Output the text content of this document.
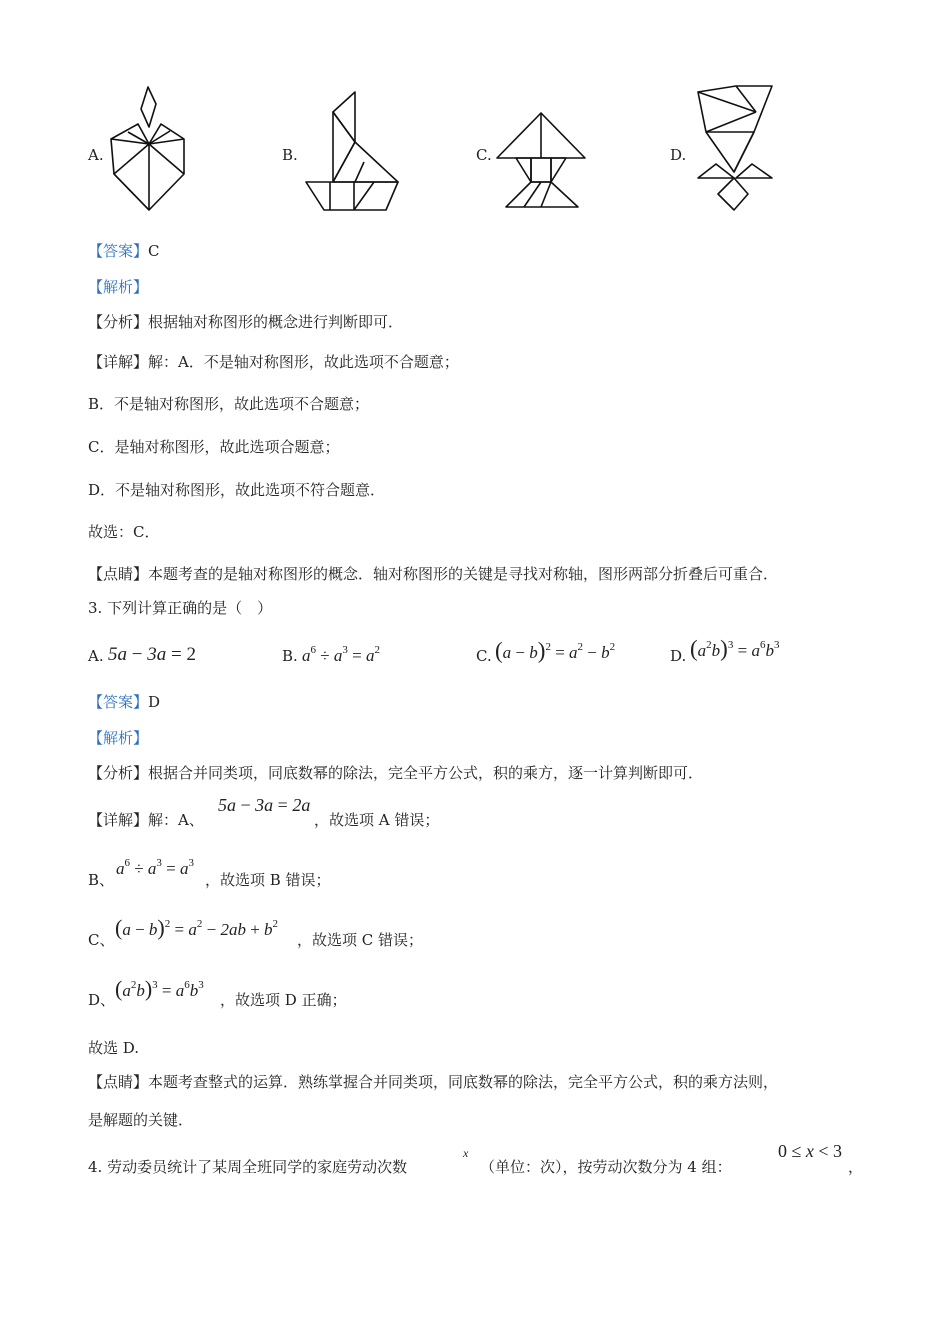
A.	B.	C.	D.
【答案】C
【解析】
【分析】根据轴对称图形的概念进行判断即可．
【详解】解：A．不是轴对称图形，故此选项不合题意；
B．不是轴对称图形，故此选项不合题意；
C．是轴对称图形，故此选项合题意；
D．不是轴对称图形，故此选项不符合题意．
故选：C．
【点睛】本题考查的是轴对称图形的概念．轴对称图形的关键是寻找对称轴，图形两部分折叠后可重合．
3. 下列计算正确的是（　）
A. 5a − 3a = 2	B. $a^6 \div a^3 = a^2$	C. $(a - b)^2 = a^2 - b^2$	D. $(a^2b)^3 = a^6b^3$
【答案】D
【解析】
【分析】根据合并同类项，同底数幂的除法，完全平方公式，积的乘方，逐一计算判断即可．
【详解】解：A、
5a − 3a = 2a
，故选项 A 错误；
B、
$a^6 \div a^3 = a^3$
，故选项 B 错误；
C、 $(a - b)^2 = a^2 - 2ab + b^2$
，故选项 C 错误；
D、 $(a^2b)^3 = a^6b^3$
，故选项 D 正确；
故选 D.
【点睛】本题考查整式的运算．熟练掌握合并同类项，同底数幂的除法，完全平方公式，积的乘方法则，
是解题的关键．
4. 劳动委员统计了某周全班同学的家庭劳动次数
x
（单位：次），按劳动次数分为 4 组：
0 ≤ x < 3
，
